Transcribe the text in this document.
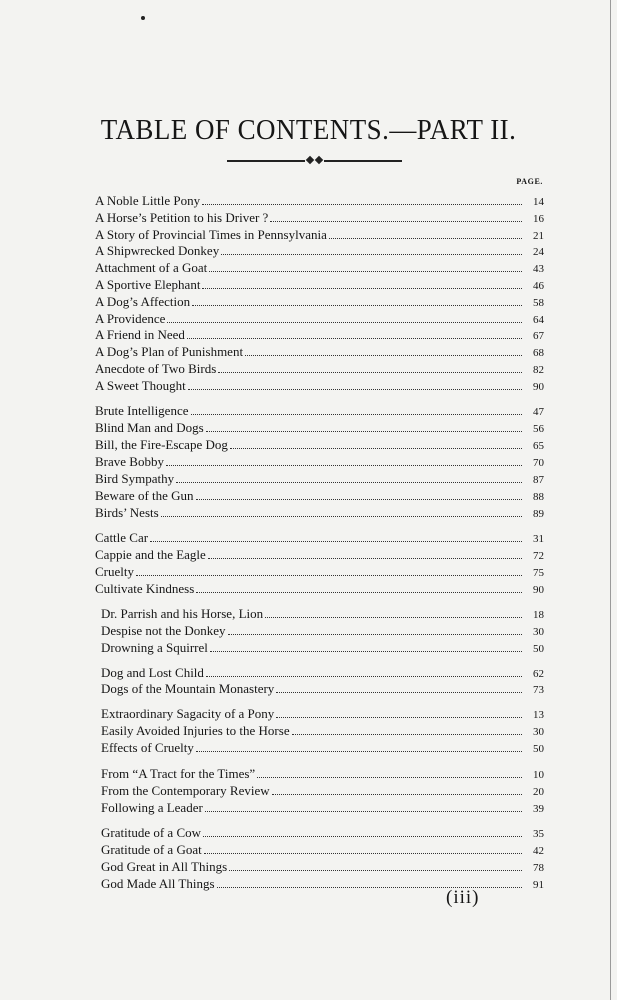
TABLE OF CONTENTS.—PART II.
PAGE.
A Noble Little Pony	14
A Horse’s Petition to his Driver ?	16
A Story of Provincial Times in Pennsylvania	21
A Shipwrecked Donkey	24
Attachment of a Goat	43
A Sportive Elephant	46
A Dog’s Affection	58
A Providence	64
A Friend in Need	67
A Dog’s Plan of Punishment	68
Anecdote of Two Birds	82
A Sweet Thought	90
Brute Intelligence	47
Blind Man and Dogs	56
Bill, the Fire-Escape Dog	65
Brave Bobby	70
Bird Sympathy	87
Beware of the Gun	88
Birds’ Nests	89
Cattle Car	31
Cappie and the Eagle	72
Cruelty	75
Cultivate Kindness	90
Dr. Parrish and his Horse, Lion	18
Despise not the Donkey	30
Drowning a Squirrel	50
Dog and Lost Child	62
Dogs of the Mountain Monastery	73
Extraordinary Sagacity of a Pony	13
Easily Avoided Injuries to the Horse	30
Effects of Cruelty	50
From “A Tract for the Times”	10
From the Contemporary Review	20
Following a Leader	39
Gratitude of a Cow	35
Gratitude of a Goat	42
God Great in All Things	78
God Made All Things	91
(iii)
